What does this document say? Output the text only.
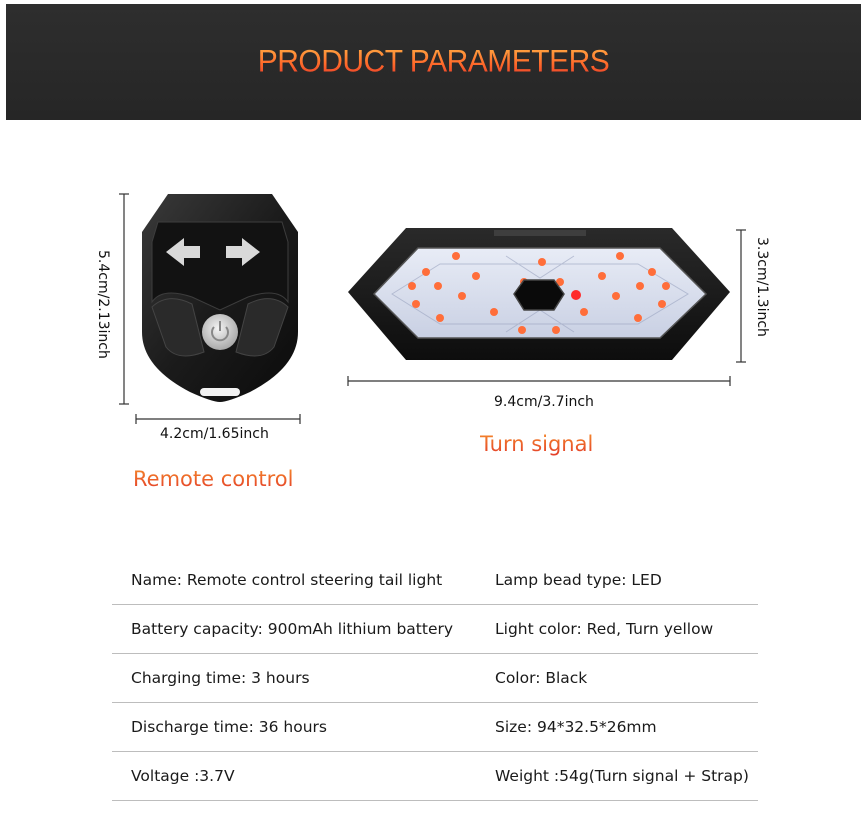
PRODUCT PARAMETERS
5.4cm/2.13inch
4.2cm/1.65inch
Remote control
3.3cm/1.3inch
9.4cm/3.7inch
Turn signal
Name: Remote control steering tail light	Lamp bead type: LED
Battery capacity: 900mAh lithium battery	Light color: Red, Turn yellow
Charging time: 3 hours	Color: Black
Discharge time: 36 hours	Size: 94*32.5*26mm
Voltage :3.7V	Weight :54g(Turn signal + Strap)
